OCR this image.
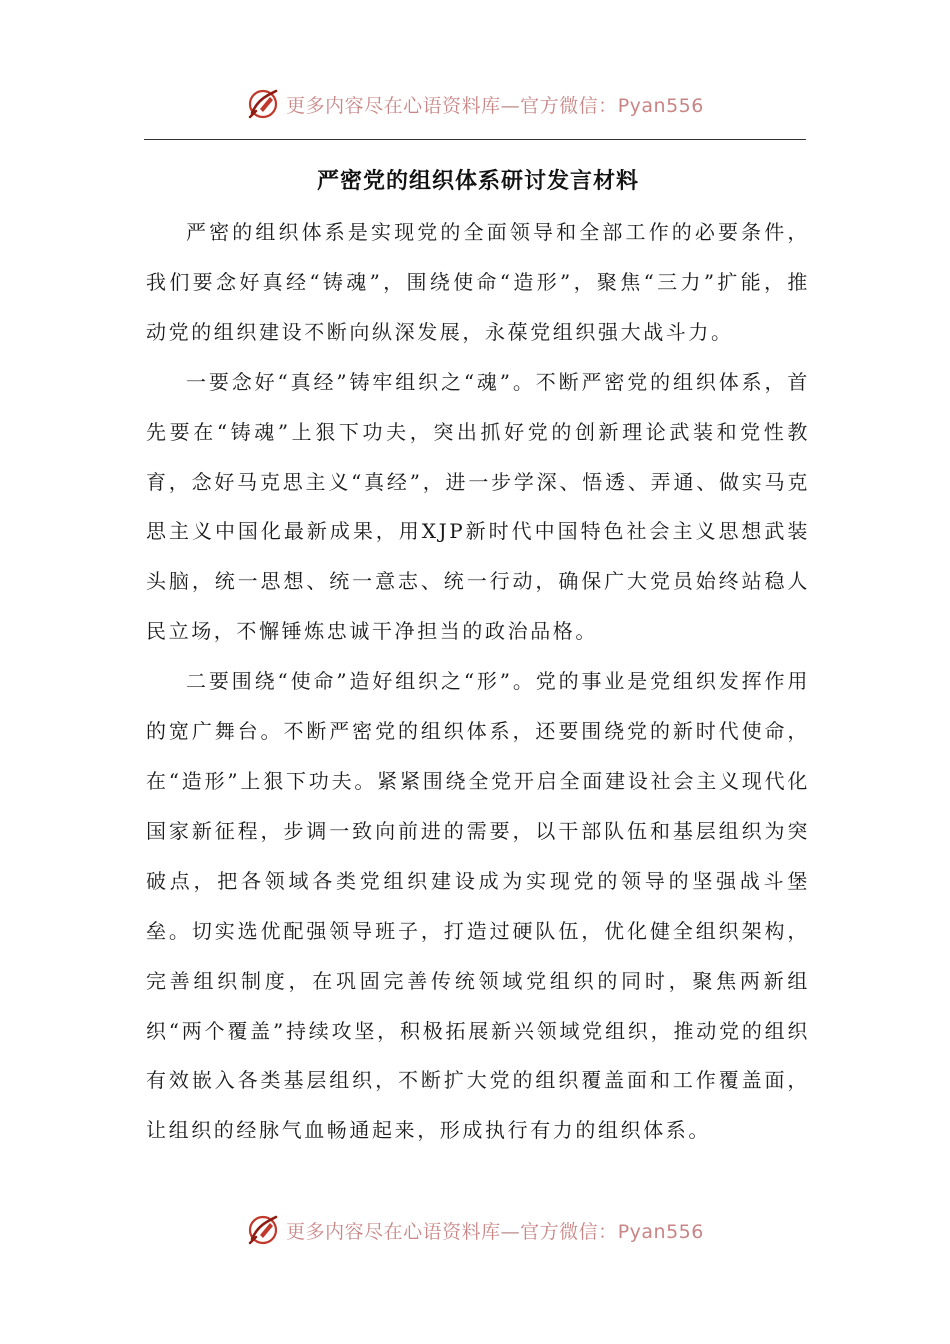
更多内容尽在心语资料库—官方微信：Pyan556
严密党的组织体系研讨发言材料

严密的组织体系是实现党的全面领导和全部工作的必要条件，我们要念好真经“铸魂”，围绕使命“造形”，聚焦“三力”扩能，推动党的组织建设不断向纵深发展，永葆党组织强大战斗力。

一要念好“真经”铸牢组织之“魂”。不断严密党的组织体系，首先要在“铸魂”上狠下功夫，突出抓好党的创新理论武装和党性教育，念好马克思主义“真经”，进一步学深、悟透、弄通、做实马克思主义中国化最新成果，用XJP新时代中国特色社会主义思想武装头脑，统一思想、统一意志、统一行动，确保广大党员始终站稳人民立场，不懈锤炼忠诚干净担当的政治品格。

二要围绕“使命”造好组织之“形”。党的事业是党组织发挥作用的宽广舞台。不断严密党的组织体系，还要围绕党的新时代使命，在“造形”上狠下功夫。紧紧围绕全党开启全面建设社会主义现代化国家新征程，步调一致向前进的需要，以干部队伍和基层组织为突破点，把各领域各类党组织建设成为实现党的领导的坚强战斗堡垒。切实选优配强领导班子，打造过硬队伍，优化健全组织架构，完善组织制度，在巩固完善传统领域党组织的同时，聚焦两新组织“两个覆盖”持续攻坚，积极拓展新兴领域党组织，推动党的组织有效嵌入各类基层组织，不断扩大党的组织覆盖面和工作覆盖面，让组织的经脉气血畅通起来，形成执行有力的组织体系。

更多内容尽在心语资料库—官方微信：Pyan556
